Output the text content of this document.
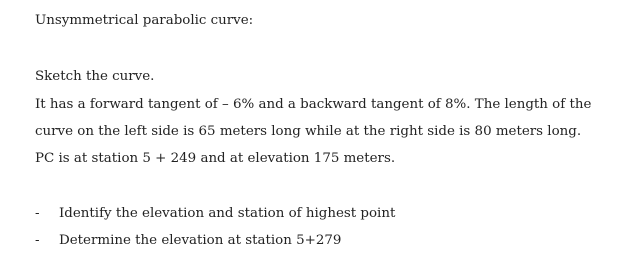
Unsymmetrical parabolic curve:
Sketch the curve.
It has a forward tangent of – 6% and a backward tangent of 8%. The length of the
curve on the left side is 65 meters long while at the right side is 80 meters long.
PC is at station 5 + 249 and at elevation 175 meters.
- Identify the elevation and station of highest point
- Determine the elevation at station 5+279
